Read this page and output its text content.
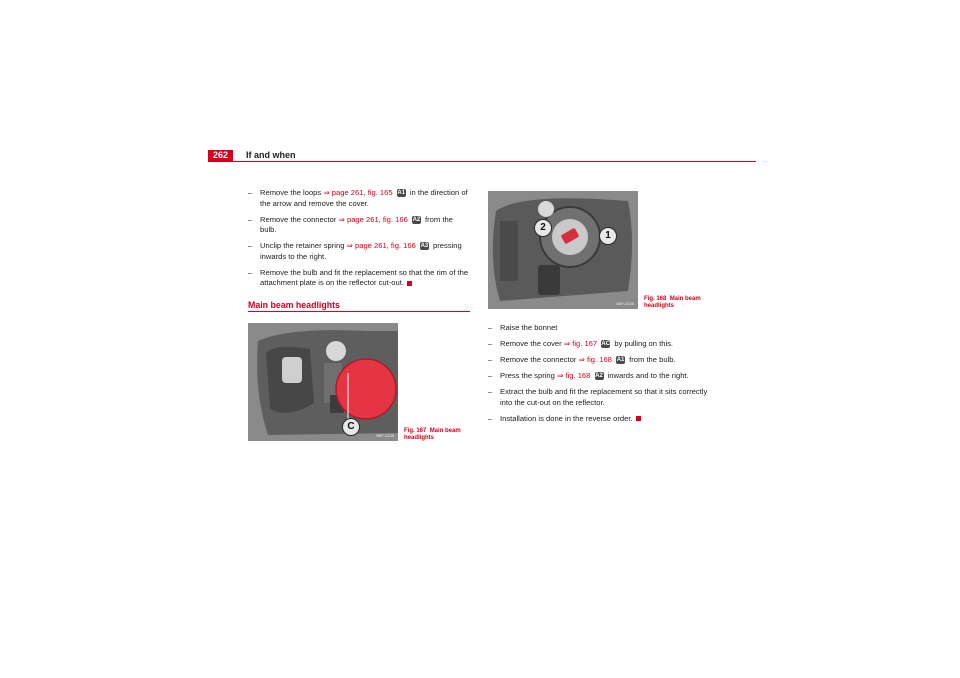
262	If and when
– Remove the loops ⇒ page 261, fig. 165 A1 in the direction of the arrow and remove the cover.
– Remove the connector ⇒ page 261, fig. 166 A2 from the bulb.
– Unclip the retainer spring ⇒ page 261, fig. 166 A3 pressing inwards to the right.
– Remove the bulb and fit the replacement so that the rim of the attachment plate is on the reflector cut-out.
Main beam headlights
C
B5F-0135
Fig. 167 Main beam headlights
2
1
B5F-0136
Fig. 168 Main beam headlights
– Raise the bonnet
– Remove the cover ⇒ fig. 167 AC by pulling on this.
– Remove the connector ⇒ fig. 168 A1 from the bulb.
– Press the spring ⇒ fig. 168 A2 inwards and to the right.
– Extract the bulb and fit the replacement so that it sits correctly into the cut-out on the reflector.
– Installation is done in the reverse order.
